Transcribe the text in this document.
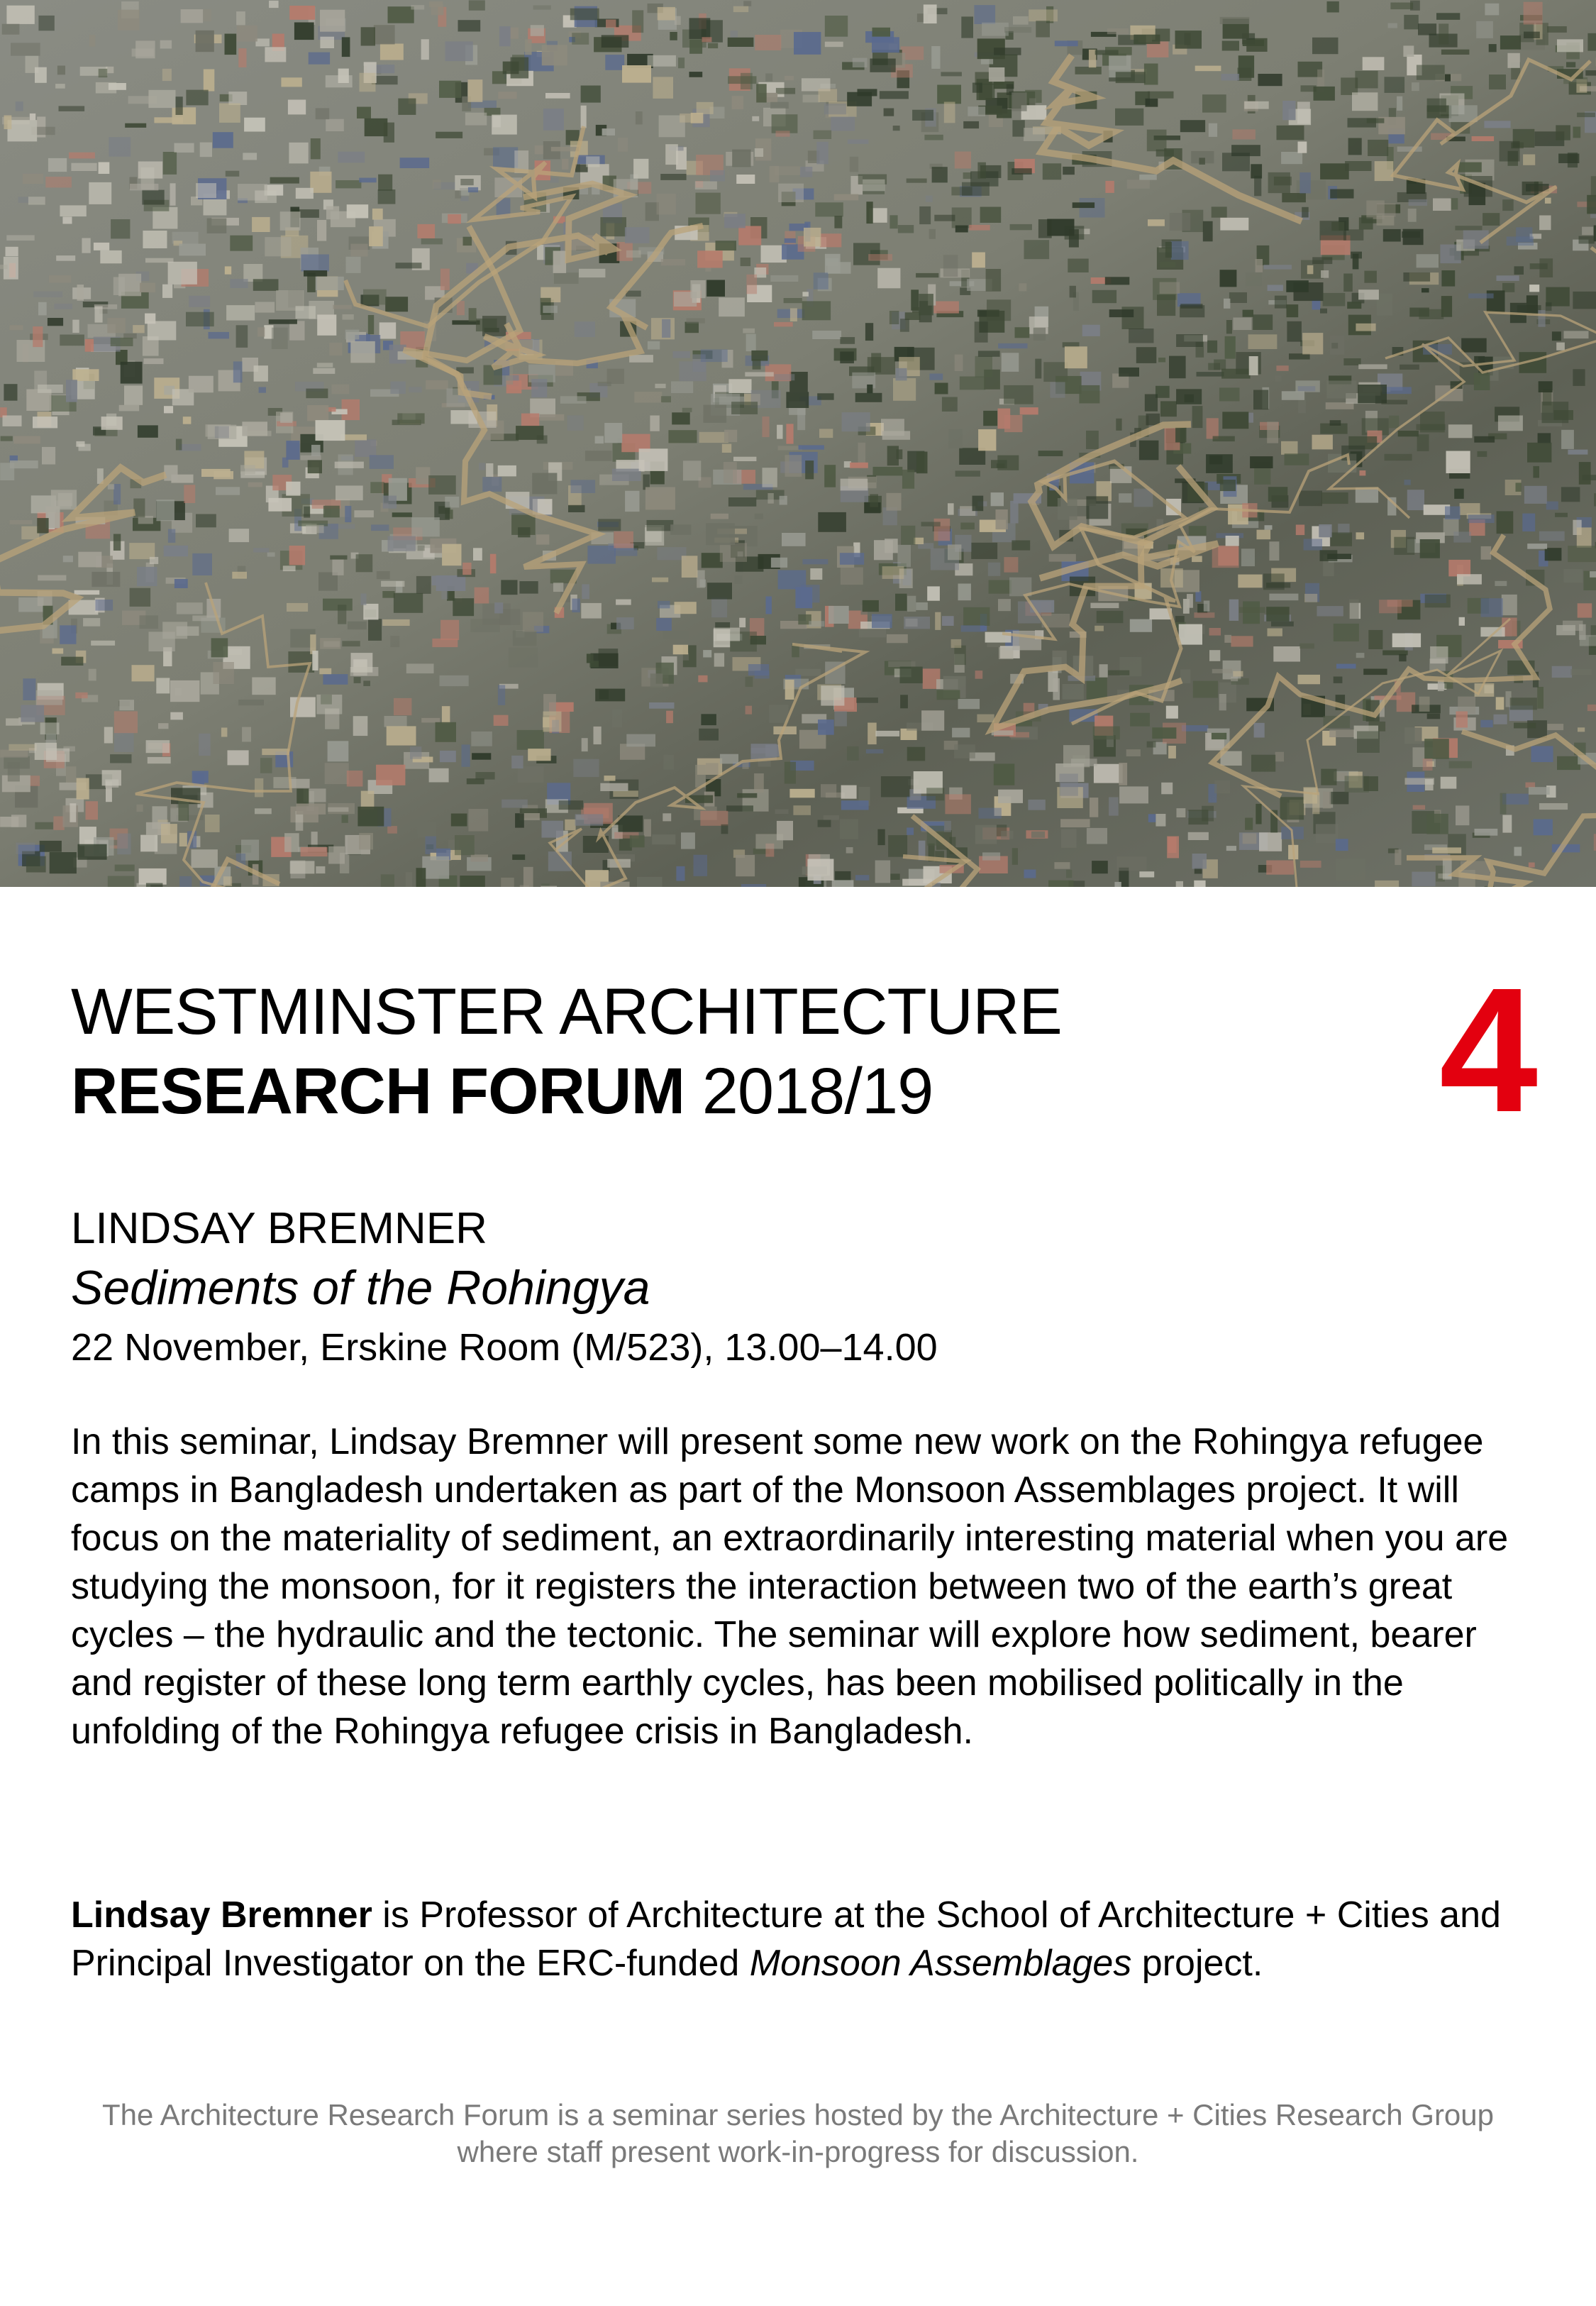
WESTMINSTER ARCHITECTURE
RESEARCH FORUM 2018/19	4
LINDSAY BREMNER
Sediments of the Rohingya
22 November, Erskine Room (M/523), 13.00–14.00
In this seminar, Lindsay Bremner will present some new work on the Rohingya refugee camps in Bangladesh undertaken as part of the Monsoon Assemblages project. It will focus on the materiality of sediment, an extraordinarily interesting material when you are studying the monsoon, for it registers the interaction between two of the earth’s great cycles – the hydraulic and the tectonic. The seminar will explore how sediment, bearer and register of these long term earthly cycles, has been mobilised politically in the unfolding of the Rohingya refugee crisis in Bangladesh.
Lindsay Bremner is Professor of Architecture at the School of Architecture + Cities and Principal Investigator on the ERC-funded Monsoon Assemblages project.
The Architecture Research Forum is a seminar series hosted by the Architecture + Cities Research Group where staff present work-in-progress for discussion.
